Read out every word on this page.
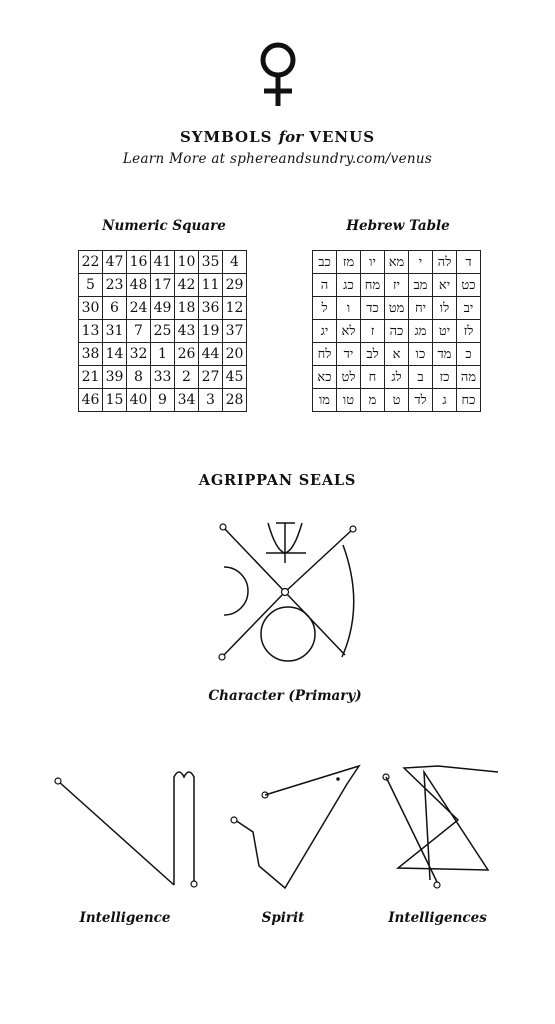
SYMBOLS for VENUS
Learn More at sphereandsundry.com/venus
Numeric Square
22	47	16	41	10	35	4
5	23	48	17	42	11	29
30	6	24	49	18	36	12
13	31	7	25	43	19	37
38	14	32	1	26	44	20
21	39	8	33	2	27	45
46	15	40	9	34	3	28
Hebrew Table
כב	מז	יו	מא	י	לה	ד
ה	כג	מח	יז	מב	יא	כט
ל	ו	כד	מט	יח	לו	יב
יג	לא	ז	כה	מג	יט	לז
לח	יד	לב	א	כו	מד	כ
כא	לט	ח	לג	ב	כז	מה
מו	טו	מ	ט	לד	ג	כח
AGRIPPAN SEALS
Character (Primary)
Intelligence	Spirit	Intelligences
